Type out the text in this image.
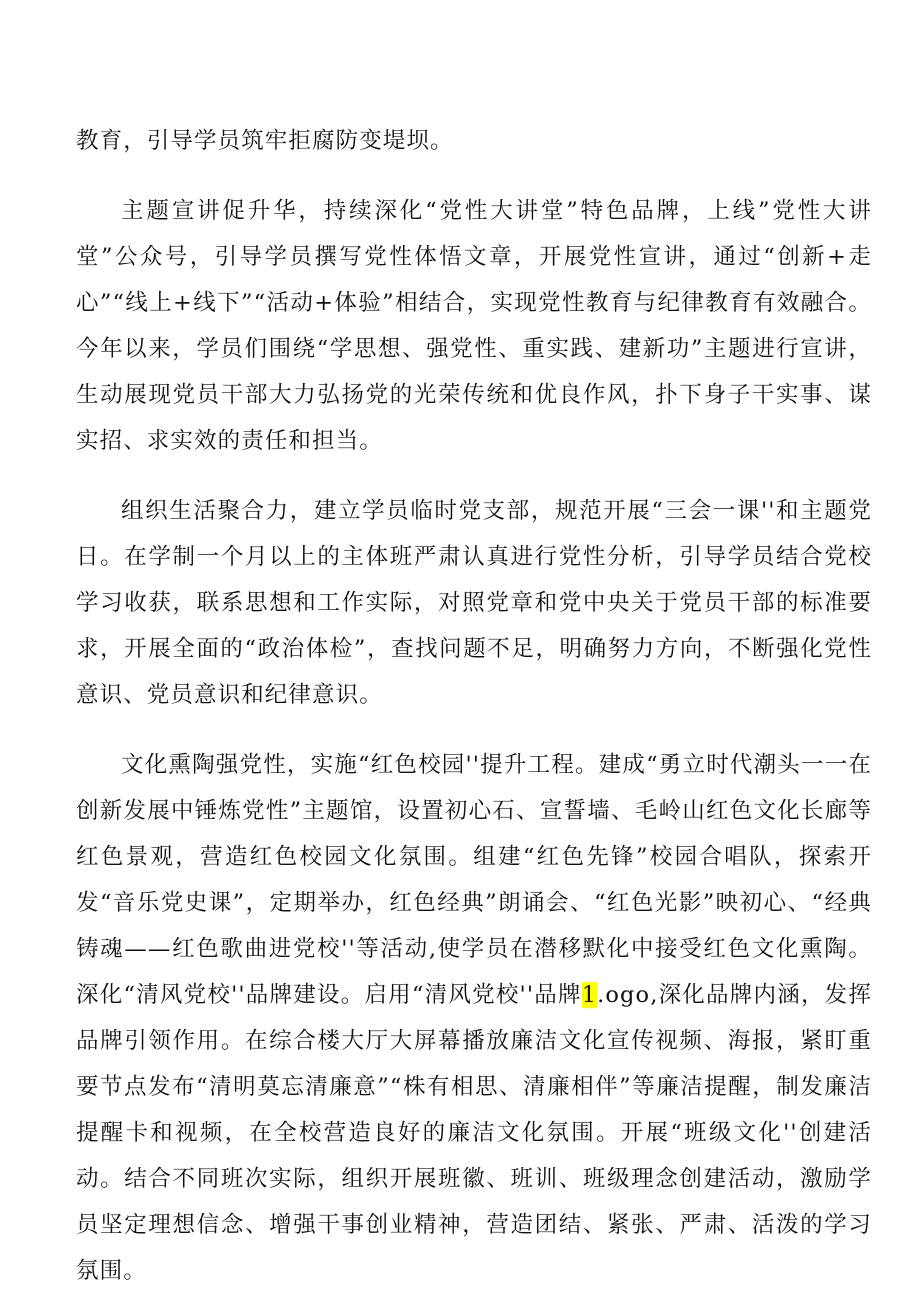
教育，引导学员筑牢拒腐防变堤坝。

主题宣讲促升华，持续深化“党性大讲堂”特色品牌，上线”党性大讲堂”公众号，引导学员撰写党性体悟文章，开展党性宣讲，通过“创新+走心”“线上+线下”“活动+体验”相结合，实现党性教育与纪律教育有效融合。今年以来，学员们围绕“学思想、强党性、重实践、建新功”主题进行宣讲，生动展现党员干部大力弘扬党的光荣传统和优良作风，扑下身子干实事、谋实招、求实效的责任和担当。

组织生活聚合力，建立学员临时党支部，规范开展“三会一课''和主题党日。在学制一个月以上的主体班严肃认真进行党性分析，引导学员结合党校学习收获，联系思想和工作实际，对照党章和党中央关于党员干部的标准要求，开展全面的“政治体检”，查找问题不足，明确努力方向，不断强化党性意识、党员意识和纪律意识。

文化熏陶强党性，实施“红色校园''提升工程。建成“勇立时代潮头一一在创新发展中锤炼党性”主题馆，设置初心石、宣誓墙、毛岭山红色文化长廊等红色景观，营造红色校园文化氛围。组建“红色先锋”校园合唱队，探索开发“音乐党史课”，定期举办，红色经典”朗诵会、“红色光影”映初心、“经典铸魂——红色歌曲进党校''等活动,使学员在潜移默化中接受红色文化熏陶。深化“清风党校''品牌建设。启用“清风党校''品牌1.ogo,深化品牌内涵，发挥品牌引领作用。在综合楼大厅大屏幕播放廉洁文化宣传视频、海报，紧盯重要节点发布“清明莫忘清廉意”“株有相思、清廉相伴”等廉洁提醒，制发廉洁提醒卡和视频，在全校营造良好的廉洁文化氛围。开展“班级文化''创建活动。结合不同班次实际，组织开展班徽、班训、班级理念创建活动，激励学员坚定理想信念、增强干事创业精神，营造团结、紧张、严肃、活泼的学习氛围。
